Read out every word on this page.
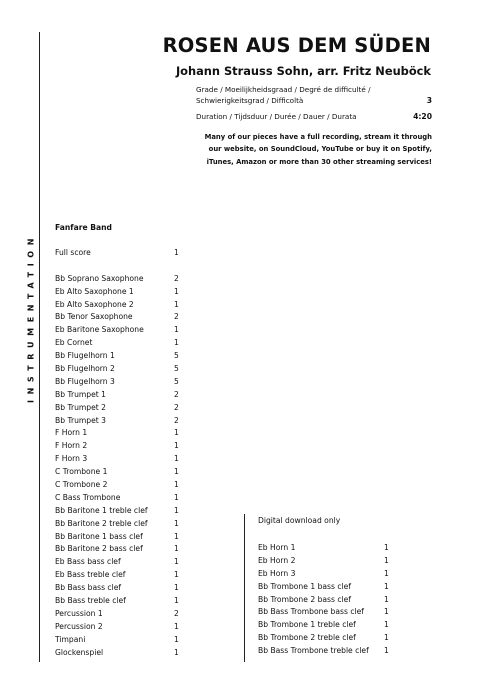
INSTRUMENTATION
ROSEN AUS DEM SÜDEN
Johann Strauss Sohn, arr. Fritz Neuböck
Grade / Moeilijkheidsgraad / Degré de difficulté / Schwierigkeitsgrad / Difficoltà	3
Duration / Tijdsduur / Durée / Dauer / Durata	4:20
Many of our pieces have a full recording, stream it through our website, on SoundCloud, YouTube or buy it on Spotify, iTunes, Amazon or more than 30 other streaming services!
Fanfare Band
Full score	1
Bb Soprano Saxophone	2
Eb Alto Saxophone 1	1
Eb Alto Saxophone 2	1
Bb Tenor Saxophone	2
Eb Baritone Saxophone	1
Eb Cornet	1
Bb Flugelhorn 1	5
Bb Flugelhorn 2	5
Bb Flugelhorn 3	5
Bb Trumpet 1	2
Bb Trumpet 2	2
Bb Trumpet 3	2
F Horn 1	1
F Horn 2	1
F Horn 3	1
C Trombone 1	1
C Trombone 2	1
C Bass Trombone	1
Bb Baritone 1 treble clef	1
Bb Baritone 2 treble clef	1
Bb Baritone 1 bass clef	1
Bb Baritone 2 bass clef	1
Eb Bass bass clef	1
Eb Bass treble clef	1
Bb Bass bass clef	1
Bb Bass treble clef	1
Percussion 1	2
Percussion 2	1
Timpani	1
Glockenspiel	1
Digital download only
Eb Horn 1	1
Eb Horn 2	1
Eb Horn 3	1
Bb Trombone 1 bass clef	1
Bb Trombone 2 bass clef	1
Bb Bass Trombone bass clef	1
Bb Trombone 1 treble clef	1
Bb Trombone 2 treble clef	1
Bb Bass Trombone treble clef 1
